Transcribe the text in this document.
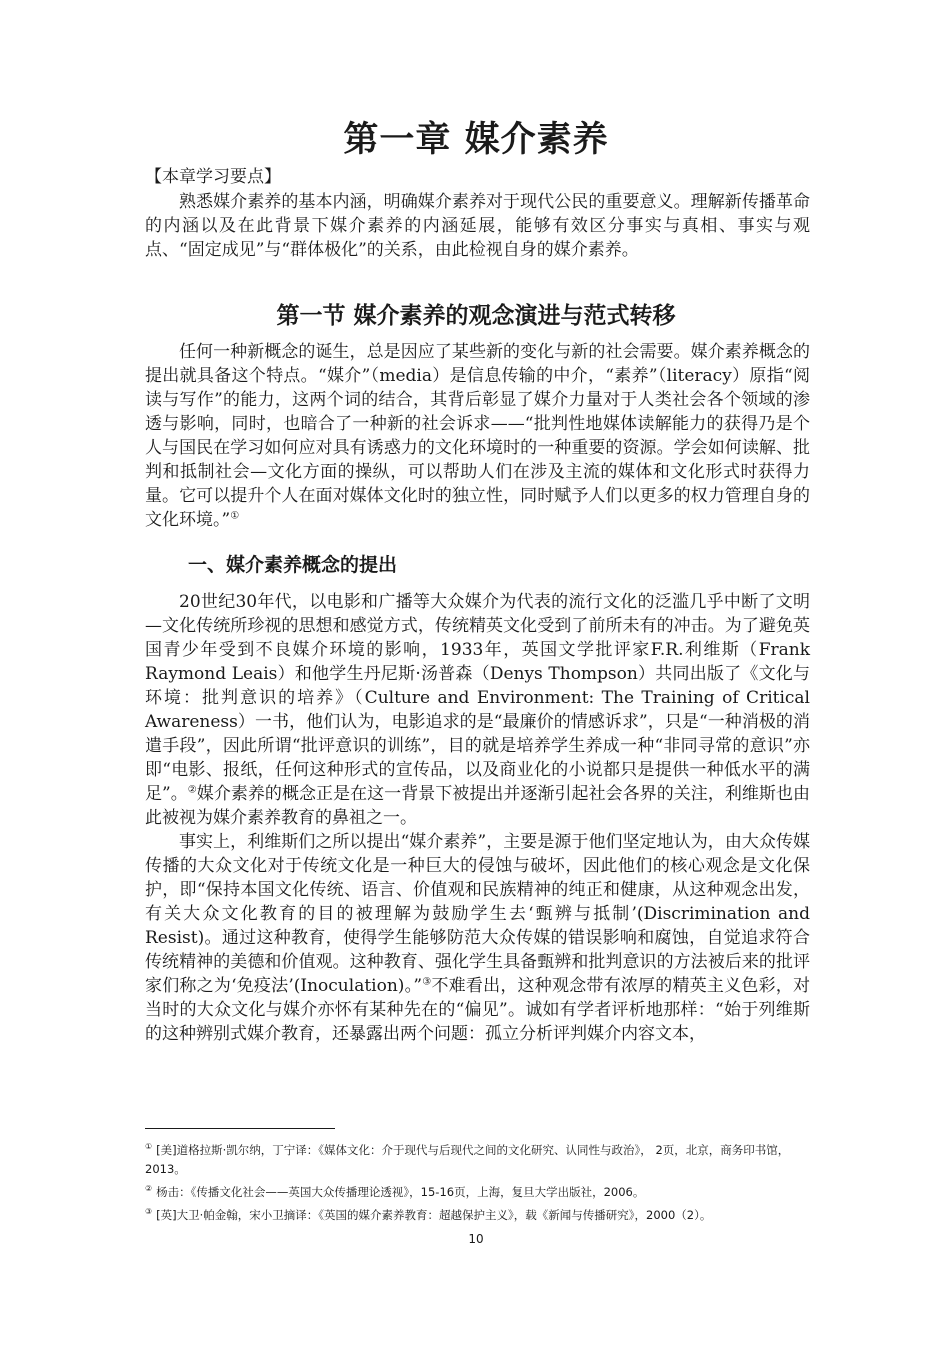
第一章 媒介素养
【本章学习要点】

熟悉媒介素养的基本内涵，明确媒介素养对于现代公民的重要意义。理解新传播革命的内涵以及在此背景下媒介素养的内涵延展，能够有效区分事实与真相、事实与观点、“固定成见”与“群体极化”的关系，由此检视自身的媒介素养。

第一节 媒介素养的观念演进与范式转移

任何一种新概念的诞生，总是因应了某些新的变化与新的社会需要。媒介素养概念的提出就具备这个特点。“媒介”（media）是信息传输的中介，“素养”（literacy）原指“阅读与写作”的能力，这两个词的结合，其背后彰显了媒介力量对于人类社会各个领域的渗透与影响，同时，也暗合了一种新的社会诉求——“批判性地媒体读解能力的获得乃是个人与国民在学习如何应对具有诱惑力的文化环境时的一种重要的资源。学会如何读解、批判和抵制社会—文化方面的操纵，可以帮助人们在涉及主流的媒体和文化形式时获得力量。它可以提升个人在面对媒体文化时的独立性，同时赋予人们以更多的权力管理自身的文化环境。”①

一、媒介素养概念的提出

20世纪30年代，以电影和广播等大众媒介为代表的流行文化的泛滥几乎中断了文明—文化传统所珍视的思想和感觉方式，传统精英文化受到了前所未有的冲击。为了避免英国青少年受到不良媒介环境的影响，1933年，英国文学批评家F.R.利维斯（Frank Raymond Leais）和他学生丹尼斯·汤普森（Denys Thompson）共同出版了《文化与环境：批判意识的培养》（Culture and Environment: The Training of Critical Awareness）一书，他们认为，电影追求的是“最廉价的情感诉求”，只是“一种消极的消遣手段”，因此所谓“批评意识的训练”，目的就是培养学生养成一种“非同寻常的意识”亦即“电影、报纸，任何这种形式的宣传品，以及商业化的小说都只是提供一种低水平的满足”。②媒介素养的概念正是在这一背景下被提出并逐渐引起社会各界的关注，利维斯也由此被视为媒介素养教育的鼻祖之一。

事实上，利维斯们之所以提出“媒介素养”，主要是源于他们坚定地认为，由大众传媒传播的大众文化对于传统文化是一种巨大的侵蚀与破坏，因此他们的核心观念是文化保护，即“保持本国文化传统、语言、价值观和民族精神的纯正和健康，从这种观念出发，有关大众文化教育的目的被理解为鼓励学生去‘甄辨与抵制’(Discrimination and Resist)。通过这种教育，使得学生能够防范大众传媒的错误影响和腐蚀，自觉追求符合传统精神的美德和价值观。这种教育、强化学生具备甄辨和批判意识的方法被后来的批评家们称之为‘免疫法’(Inoculation)。”③不难看出，这种观念带有浓厚的精英主义色彩，对当时的大众文化与媒介亦怀有某种先在的“偏见”。诚如有学者评析地那样：“始于列维斯的这种辨别式媒介教育，还暴露出两个问题：孤立分析评判媒介内容文本，

① [美]道格拉斯·凯尔纳，丁宁译：《媒体文化：介于现代与后现代之间的文化研究、认同性与政治》， 2页，北京，商务印书馆，2013。

② 杨击：《传播文化社会——英国大众传播理论透视》，15-16页，上海，复旦大学出版社，2006。

③ [英]大卫·帕金翰，宋小卫摘译：《英国的媒介素养教育：超越保护主义》，载《新闻与传播研究》，2000（2）。

10
